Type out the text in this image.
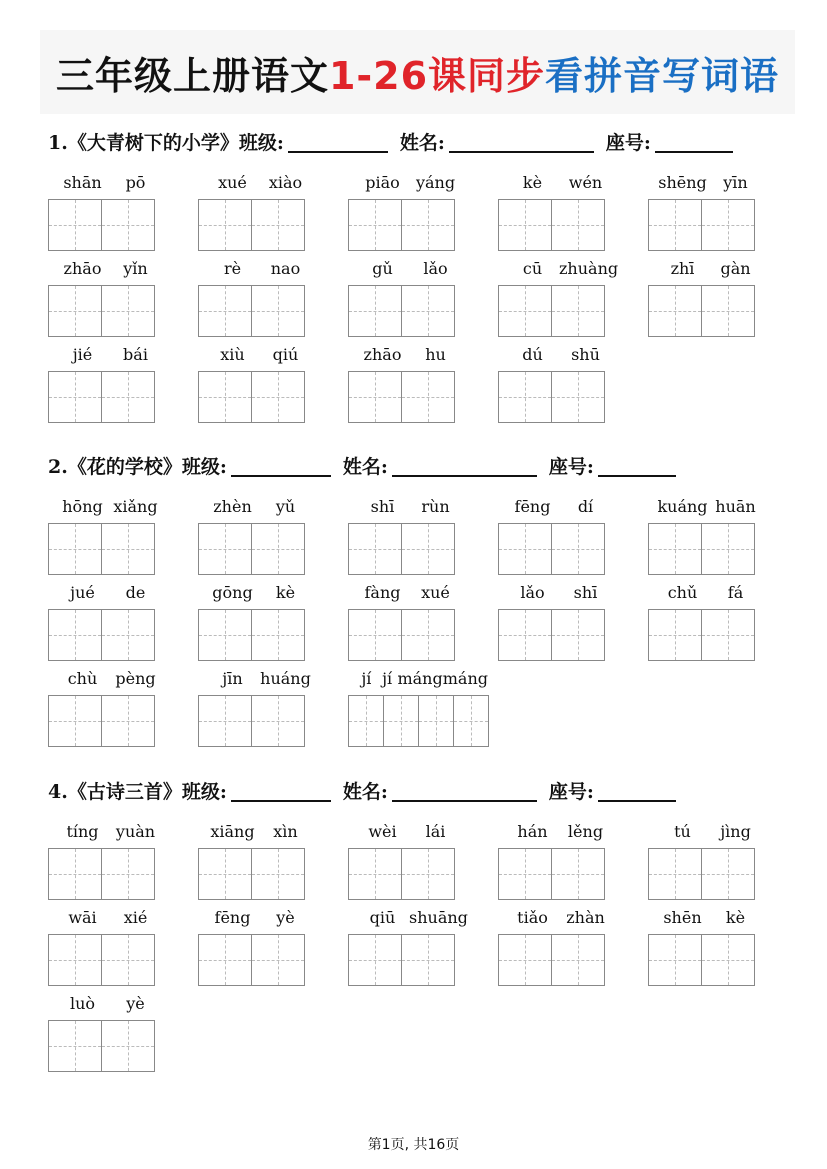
三年级上册语文 1-26课同步 看拼音写词语
1.《大青树下的小学》 班级:	姓名:	座号:
shān	pō	xué	xiào	piāo	yáng	kè	wén	shēng	yīn
zhāo	yǐn	rè	nao	gǔ	lǎo	cū	zhuàng	zhī	gàn
jié	bái	xiù	qiú	zhāo	hu	dú	shū
2.《花的学校》 班级:	姓名:	座号:
hōng xiǎng	zhèn	yǔ	shī	rùn	fēng	dí	kuáng huān
jué	de	gōng	kè	fàng	xué	lǎo	shī	chǔ	fá
chù	pèng	jīn	huáng	jí jí máng máng
4.《古诗三首》 班级:	姓名:	座号:
tíng	yuàn	xiāng	xìn	wèi	lái	hán	lěng	tú	jìng
wāi	xié	fēng	yè	qiū shuāng	tiǎo	zhàn	shēn	kè
luò	yè
第1页, 共16页
